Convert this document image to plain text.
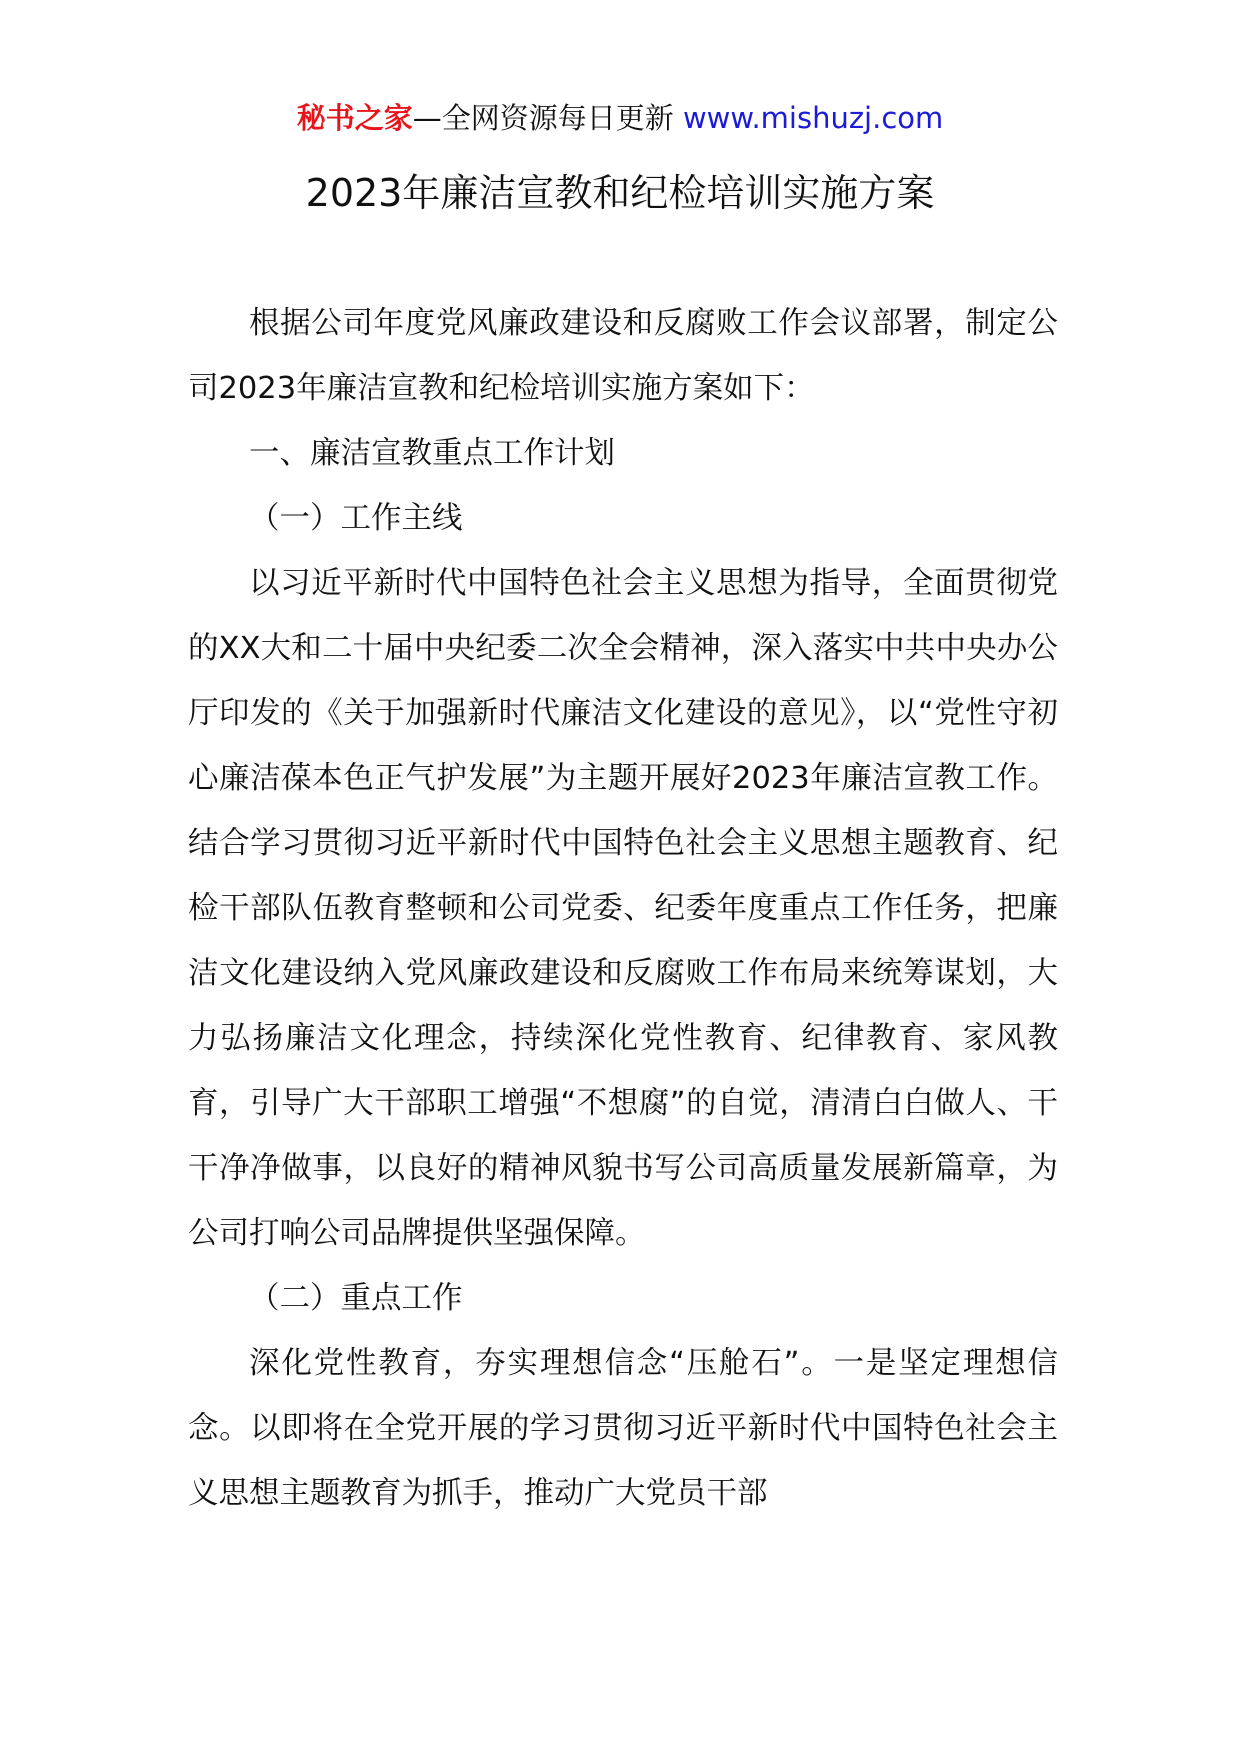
秘书之家—全网资源每日更新 www.mishuzj.com
2023年廉洁宣教和纪检培训实施方案

根据公司年度党风廉政建设和反腐败工作会议部署，制定公司2023年廉洁宣教和纪检培训实施方案如下：

一、廉洁宣教重点工作计划

（一）工作主线

以习近平新时代中国特色社会主义思想为指导，全面贯彻党的XX大和二十届中央纪委二次全会精神，深入落实中共中央办公厅印发的《关于加强新时代廉洁文化建设的意见》，以“党性守初心廉洁葆本色正气护发展”为主题开展好2023年廉洁宣教工作。结合学习贯彻习近平新时代中国特色社会主义思想主题教育、纪检干部队伍教育整顿和公司党委、纪委年度重点工作任务，把廉洁文化建设纳入党风廉政建设和反腐败工作布局来统筹谋划，大力弘扬廉洁文化理念，持续深化党性教育、纪律教育、家风教育，引导广大干部职工增强“不想腐”的自觉，清清白白做人、干干净净做事，以良好的精神风貌书写公司高质量发展新篇章，为公司打响公司品牌提供坚强保障。

（二）重点工作

深化党性教育，夯实理想信念“压舱石”。一是坚定理想信念。以即将在全党开展的学习贯彻习近平新时代中国特色社会主义思想主题教育为抓手，推动广大党员干部
